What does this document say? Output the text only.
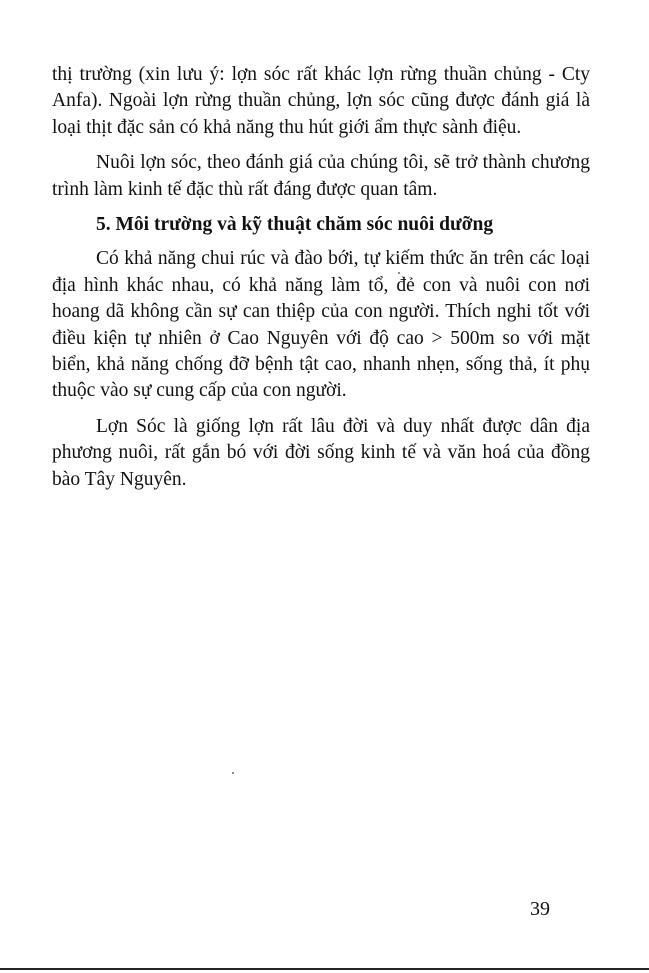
thị trường (xin lưu ý: lợn sóc rất khác lợn rừng thuần chủng - Cty Anfa). Ngoài lợn rừng thuần chủng, lợn sóc cũng được đánh giá là loại thịt đặc sản có khả năng thu hút giới ẩm thực sành điệu.

Nuôi lợn sóc, theo đánh giá của chúng tôi, sẽ trở thành chương trình làm kinh tế đặc thù rất đáng được quan tâm.

5. Môi trường và kỹ thuật chăm sóc nuôi dưỡng

Có khả năng chui rúc và đào bới, tự kiếm thức ăn trên các loại địa hình khác nhau, có khả năng làm tổ, đẻ con và nuôi con nơi hoang dã không cần sự can thiệp của con người. Thích nghi tốt với điều kiện tự nhiên ở Cao Nguyên với độ cao > 500m so với mặt biển, khả năng chống đỡ bệnh tật cao, nhanh nhẹn, sống thả, ít phụ thuộc vào sự cung cấp của con người.

Lợn Sóc là giống lợn rất lâu đời và duy nhất được dân địa phương nuôi, rất gắn bó với đời sống kinh tế và văn hoá của đồng bào Tây Nguyên.

39
